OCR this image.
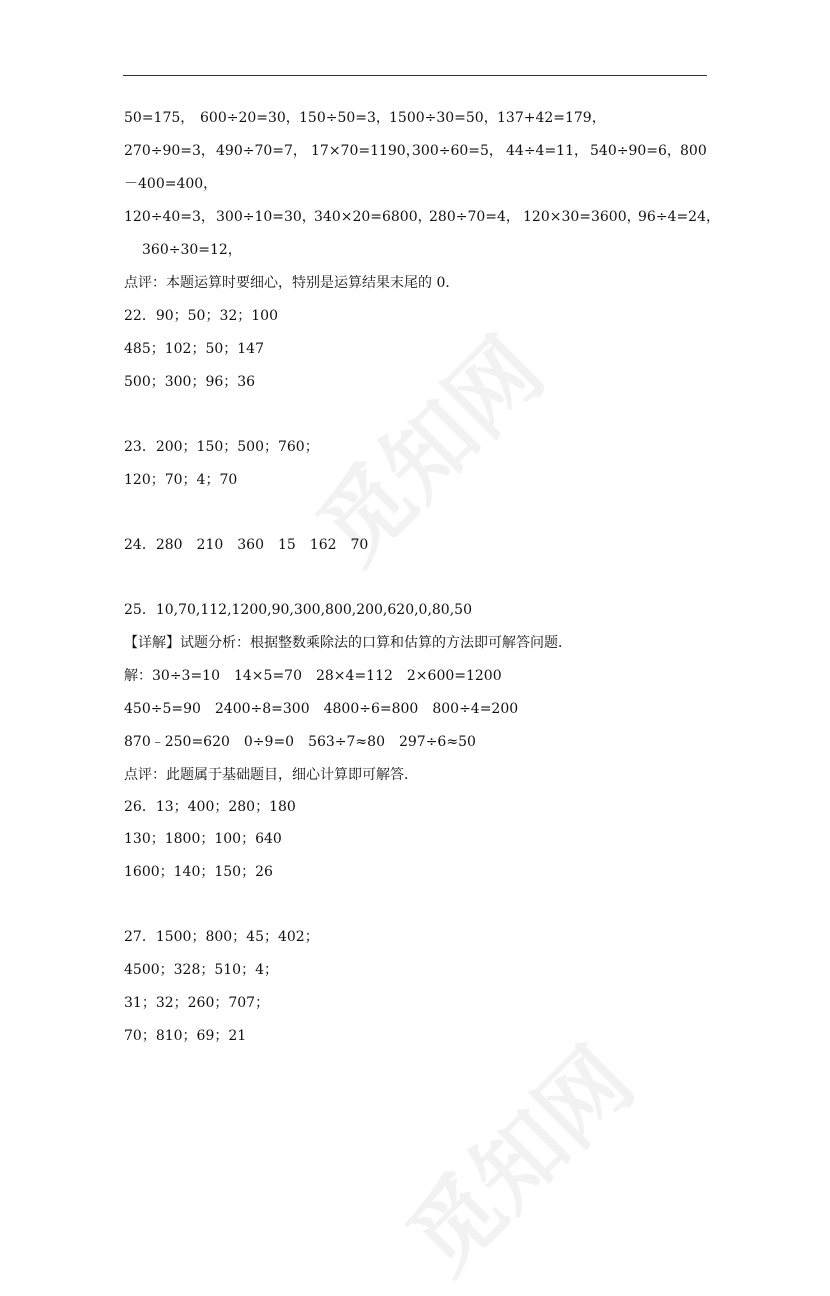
50=175， 600÷20=30， 150÷50=3， 1500÷30=50， 137+42=179，
270÷90=3， 490÷70=7， 17×70=1190，
300÷60=5， 44÷4=11， 540÷90=6， 800
－400=400，
120÷40=3， 300÷10=30，
340×20=6800，
280÷70=4， 120×30=3600，
96÷4=24，
360÷30=12，
点评：本题运算时要细心，特别是运算结果末尾的 0．
22．90；50；32；100
485；102；50；147
500；300；96；36
23．200；150；500；760；
120；70；4；70
24．280　210　360　15　162　70
25．10,70,112,1200,90,300,800,200,620,0,80,50
【详解】试题分析：根据整数乘除法的口算和估算的方法即可解答问题．
解：30÷3=10　14×5=70　28×4=112　2×600=1200
450÷5=90　2400÷8=300　4800÷6=800　800÷4=200
870﹣250=620　0÷9=0　563÷7≈80　297÷6≈50
点评：此题属于基础题目，细心计算即可解答．
26．13；400；280；180
130；1800；100；640
1600；140；150；26
27．1500；800；45；402；
4500；328；510；4；
31；32；260；707；
70；810；69；21
觅知网
觅知网
